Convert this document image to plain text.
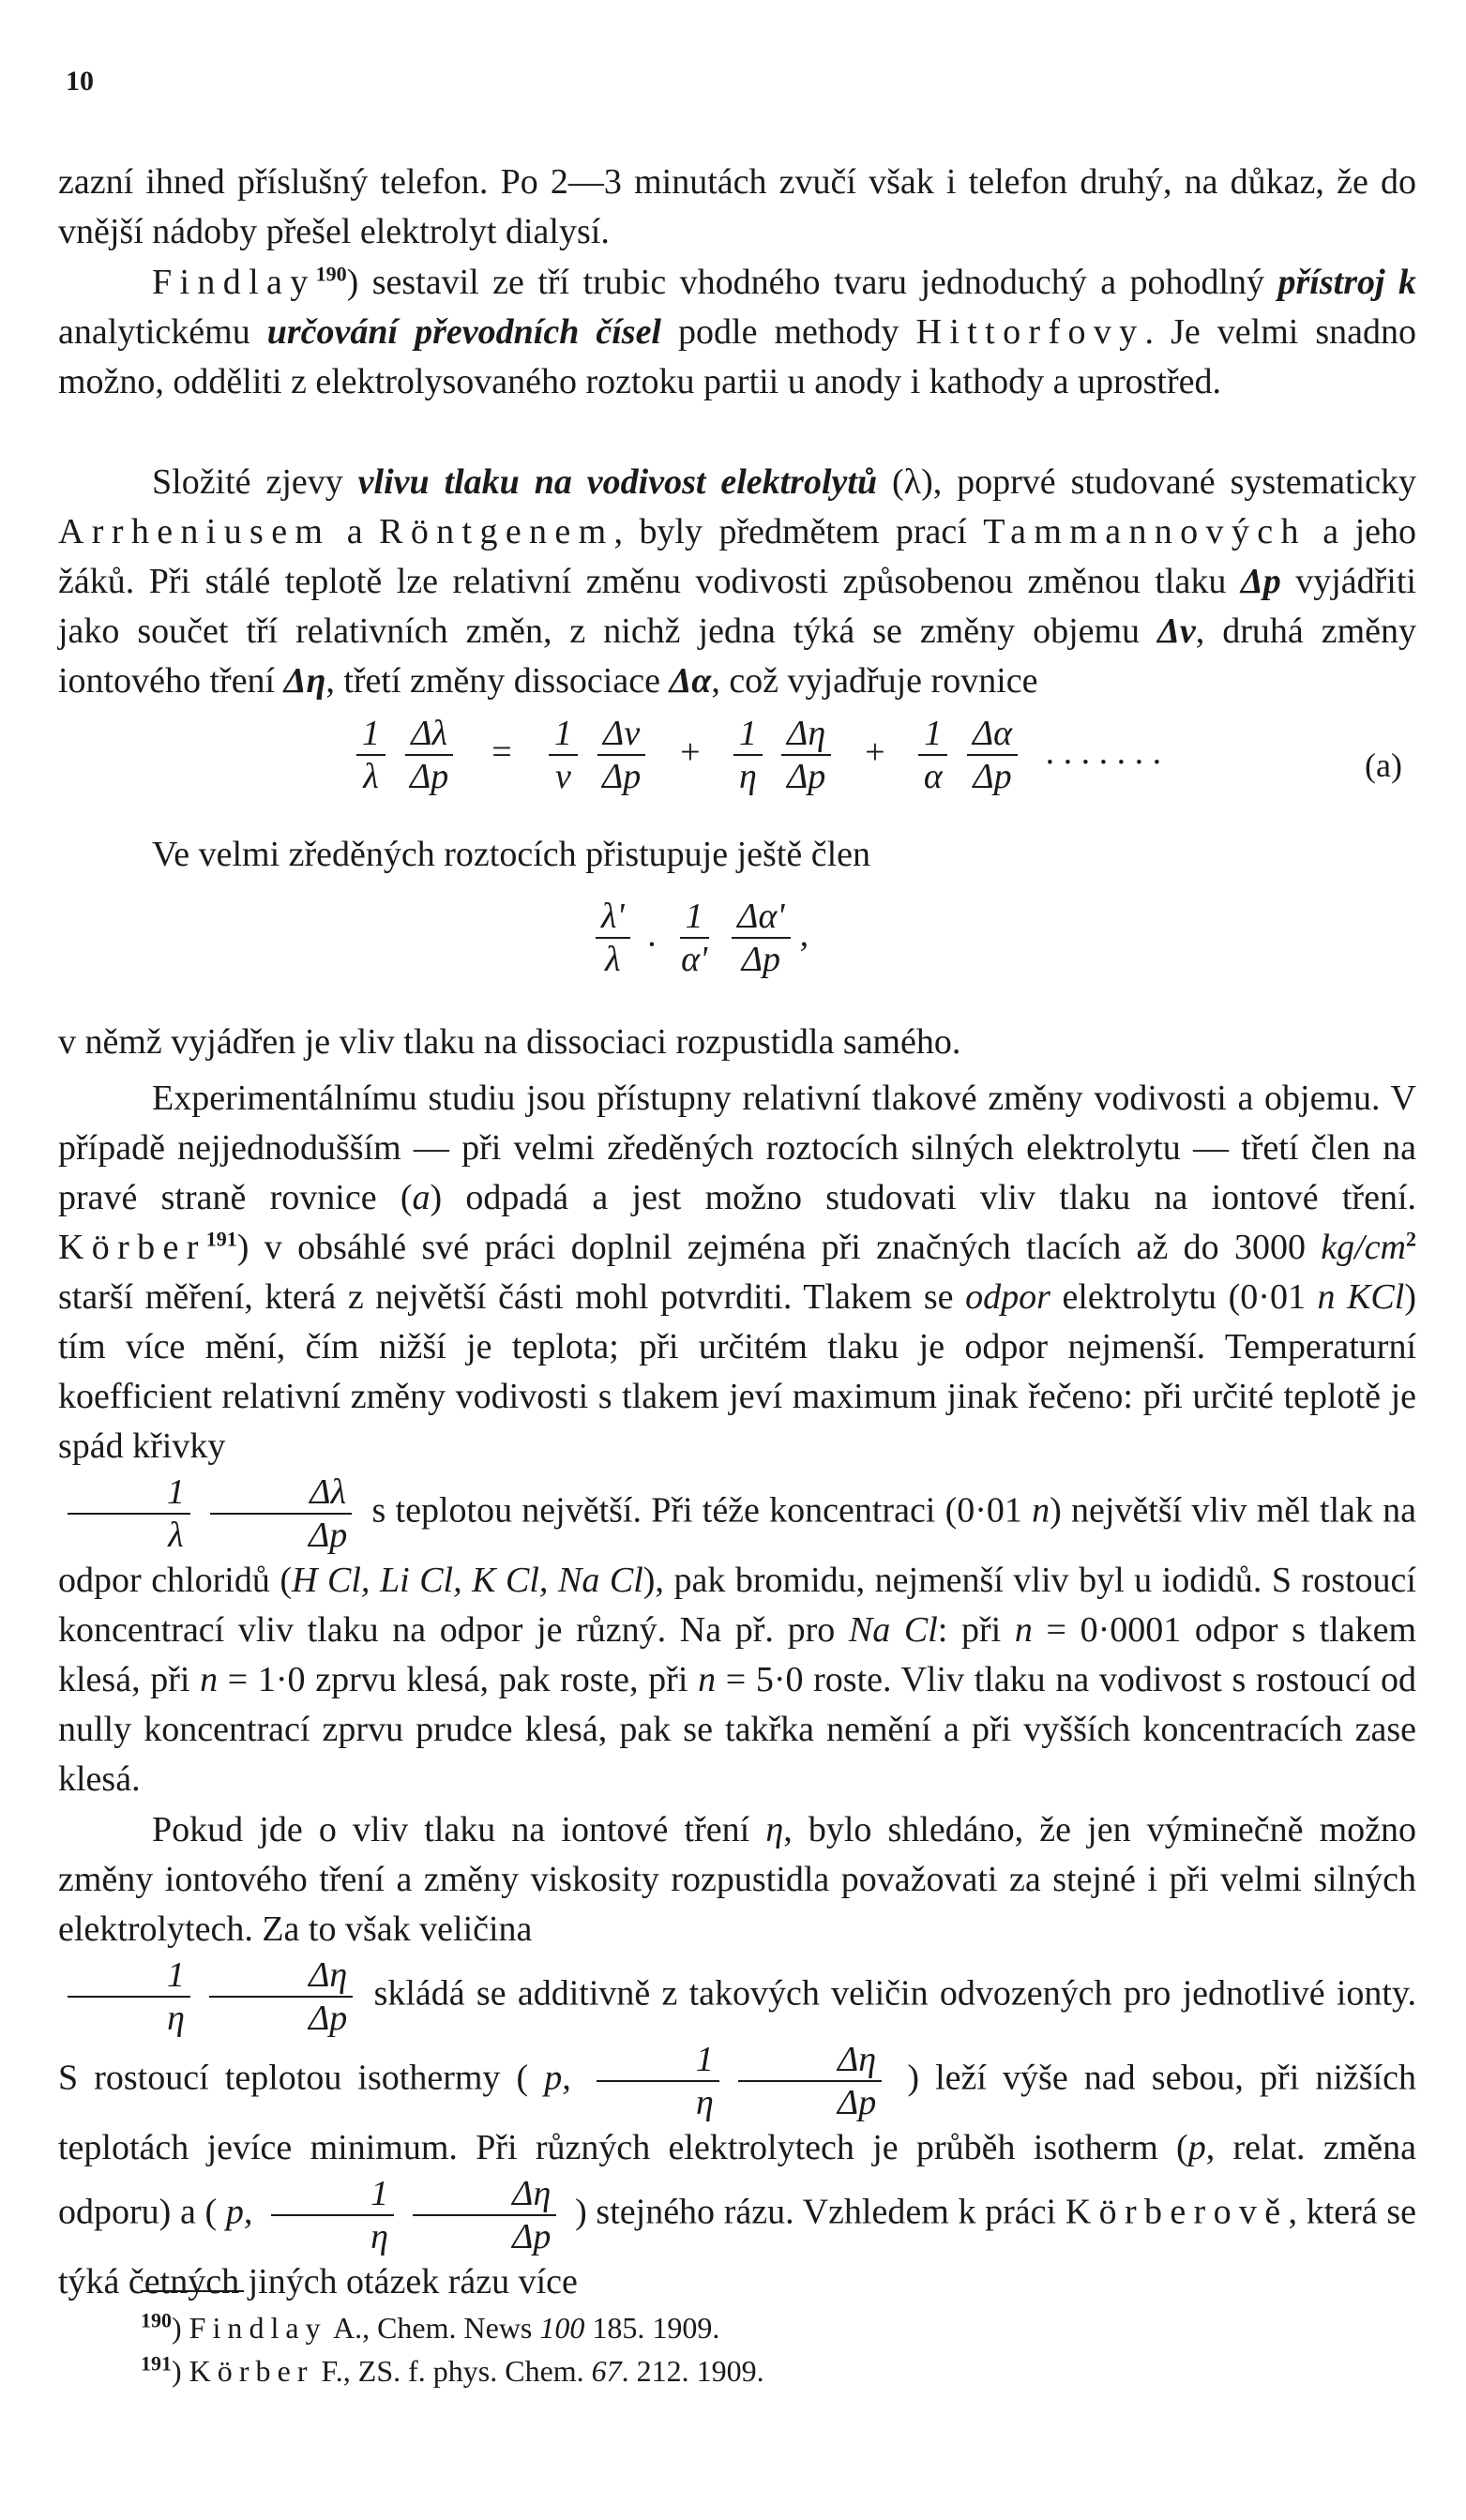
10
zazní ihned příslušný telefon. Po 2—3 minutách zvučí však i telefon druhý, na důkaz, že do vnější nádoby přešel elektrolyt dialysí.
Findlay$^{190}$) sestavil ze tří trubic vhodného tvaru jednoduchý a pohodlný přístroj k analytickému určování převodních čísel podle methody Hittorfovy. Je velmi snadno možno, odděliti z elektrolysovaného roztoku partii u anody i kathody a uprostřed.
Složité zjevy vlivu tlaku na vodivost elektrolytů (λ), poprvé studované systematicky Arrheniusem a Röntgenem, byly předmětem prací Tammannových a jeho žáků. Při stálé teplotě lze relativní změnu vodivosti způsobenou změnou tlaku Δp vyjádřiti jako součet tří relativních změn, z nichž jedna týká se změny objemu Δv, druhá změny iontového tření Δη, třetí změny dissociace Δα, což vyjadřuje rovnice
$\frac{1}{\lambda} \frac{\Delta\lambda}{\Delta p} = \frac{1}{v} \frac{\Delta v}{\Delta p} + \frac{1}{\eta} \frac{\Delta\eta}{\Delta p} + \frac{1}{\alpha} \frac{\Delta\alpha}{\Delta p}$ . . . . . . .	(a)
Ve velmi zředěných roztocích přistupuje ještě člen
$\frac{\lambda'}{\lambda}$ . $\frac{1}{\alpha'} \frac{\Delta\alpha'}{\Delta p}$ ,
v němž vyjádřen je vliv tlaku na dissociaci rozpustidla samého.
Experimentálnímu studiu jsou přístupny relativní tlakové změny vodivosti a objemu. V případě nejjednodušším — při velmi zředěných roztocích silných elektrolytu — třetí člen na pravé straně rovnice (a) odpadá a jest možno studovati vliv tlaku na iontové tření. Körber$^{191}$) v obsáhlé své práci doplnil zejména při značných tlacích až do 3000 $kg/cm^2$ starší měření, která z největší části mohl potvrditi. Tlakem se odpor elektrolytu (0·01 n KCl) tím více mění, čím nižší je teplota; při určitém tlaku je odpor nejmenší. Temperaturní koefficient relativní změny vodivosti s tlakem jeví maximum jinak řečeno: při určité teplotě je spád křivky

$\frac{1}{\lambda} \frac{\Delta\lambda}{\Delta p}$ s teplotou největší. Při téže koncentraci (0·01 n) největší vliv měl tlak na odpor chloridů (H Cl, Li Cl, K Cl, Na Cl), pak bromidu, nejmenší vliv byl u iodidů. S rostoucí koncentrací vliv tlaku na odpor je různý. Na př. pro Na Cl: při n = 0·0001 odpor s tlakem klesá, při n = 1·0 zprvu klesá, pak roste, při n = 5·0 roste. Vliv tlaku na vodivost s rostoucí od nully koncentrací zprvu prudce klesá, pak se takřka nemění a při vyšších koncentracích zase klesá.
Pokud jde o vliv tlaku na iontové tření η, bylo shledáno, že jen výminečně možno změny iontového tření a změny viskosity rozpustidla považovati za stejné i při velmi silných elektrolytech. Za to však veličina

$\frac{1}{\eta} \frac{\Delta\eta}{\Delta p}$ skládá se additivně z takových veličin odvozených pro jednotlivé ionty. S rostoucí teplotou isothermy ( p, $\frac{1}{\eta} \frac{\Delta\eta}{\Delta p}$ ) leží výše nad sebou, při nižších teplotách jevíce minimum. Při různých elektrolytech je průběh isotherm (p, relat. změna odporu) a ( p, $\frac{1}{\eta} \frac{\Delta\eta}{\Delta p}$ ) stejného rázu. Vzhledem k práci Körberově, která se týká četných jiných otázek rázu více
$^{190}$) Findlay A., Chem. News 100 185. 1909.
$^{191}$) Körber F., ZS. f. phys. Chem. 67. 212. 1909.
